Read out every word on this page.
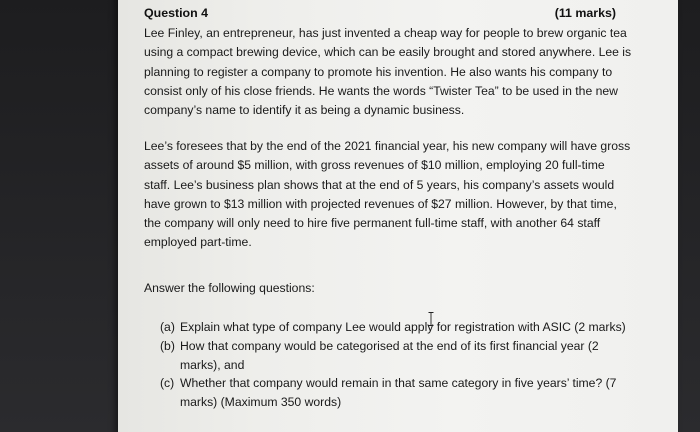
Question 4	(11 marks)
Lee Finley, an entrepreneur, has just invented a cheap way for people to brew organic tea
using a compact brewing device, which can be easily brought and stored anywhere. Lee is
planning to register a company to promote his invention. He also wants his company to
consist only of his close friends. He wants the words “Twister Tea” to be used in the new
company’s name to identify it as being a dynamic business.
Lee’s foresees that by the end of the 2021 financial year, his new company will have gross
assets of around $5 million, with gross revenues of $10 million, employing 20 full-time
staff. Lee’s business plan shows that at the end of 5 years, his company’s assets would
have grown to $13 million with projected revenues of $27 million. However, by that time,
the company will only need to hire five permanent full-time staff, with another 64 staff
employed part-time.
Answer the following questions:
(a) Explain what type of company Lee would apply for registration with ASIC (2 marks)
(b) How that company would be categorised at the end of its first financial year (2
marks), and
(c) Whether that company would remain in that same category in five years’ time? (7
marks) (Maximum 350 words)
